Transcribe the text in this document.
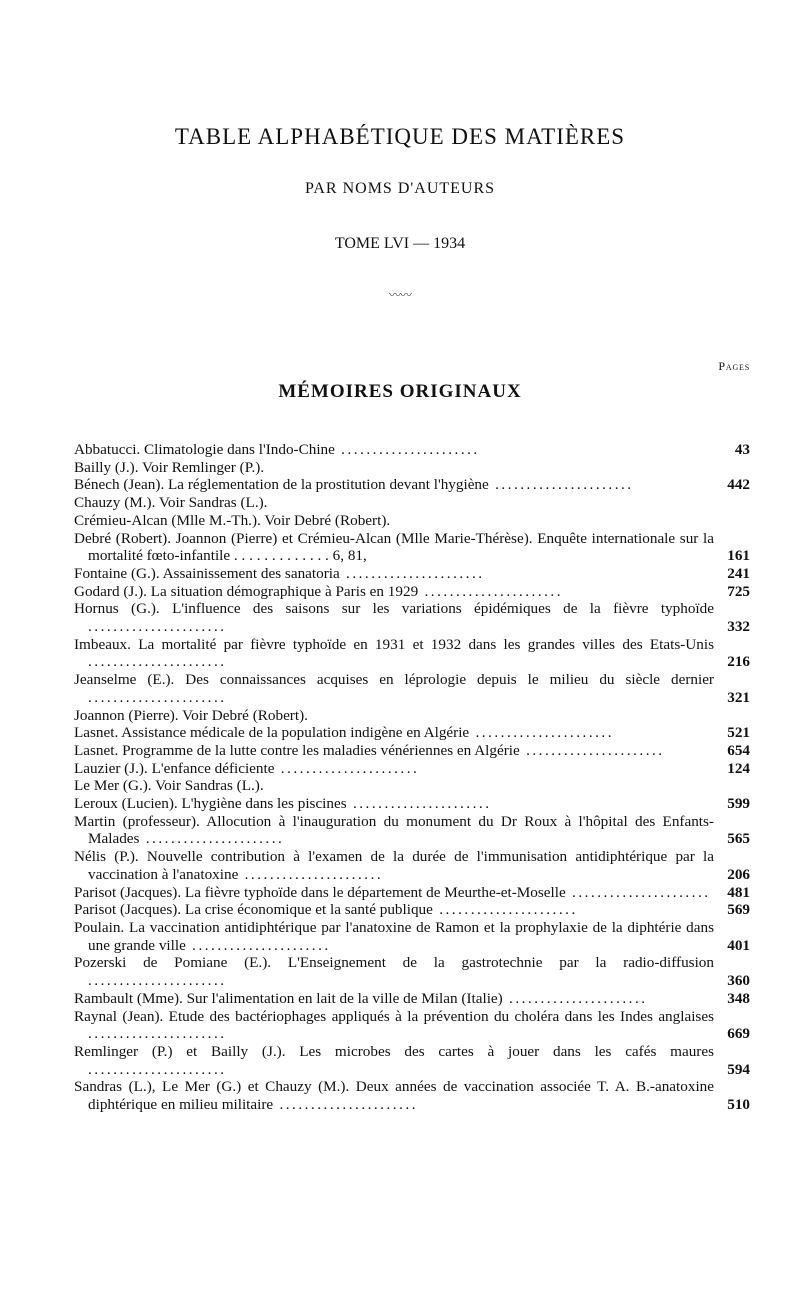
TABLE ALPHABÉTIQUE DES MATIÈRES
PAR NOMS D'AUTEURS
TOME LVI — 1934
〰〰
Pages
MÉMOIRES ORIGINAUX
Abbatucci. Climatologie dans l'Indo-Chine ......................	43
Bailly (J.). Voir Remlinger (P.).
Bénech (Jean). La réglementation de la prostitution devant l'hygiène ......................	442
Chauzy (M.). Voir Sandras (L.).
Crémieu-Alcan (Mlle M.-Th.). Voir Debré (Robert).
Debré (Robert). Joannon (Pierre) et Crémieu-Alcan (Mlle Marie-Thérèse). Enquête internationale sur la mortalité fœto-infantile . . . . . . . . . . . . . 6, 81,	161
Fontaine (G.). Assainissement des sanatoria ......................	241
Godard (J.). La situation démographique à Paris en 1929 ......................	725
Hornus (G.). L'influence des saisons sur les variations épidémiques de la fièvre typhoïde ......................	332
Imbeaux. La mortalité par fièvre typhoïde en 1931 et 1932 dans les grandes villes des Etats-Unis ......................	216
Jeanselme (E.). Des connaissances acquises en léprologie depuis le milieu du siècle dernier ......................	321
Joannon (Pierre). Voir Debré (Robert).
Lasnet. Assistance médicale de la population indigène en Algérie ......................	521
Lasnet. Programme de la lutte contre les maladies vénériennes en Algérie ......................	654
Lauzier (J.). L'enfance déficiente ......................	124
Le Mer (G.). Voir Sandras (L.).
Leroux (Lucien). L'hygiène dans les piscines ......................	599
Martin (professeur). Allocution à l'inauguration du monument du Dr Roux à l'hôpital des Enfants-Malades ......................	565
Nélis (P.). Nouvelle contribution à l'examen de la durée de l'immunisation antidiphtérique par la vaccination à l'anatoxine ......................	206
Parisot (Jacques). La fièvre typhoïde dans le département de Meurthe-et-Moselle ......................	481
Parisot (Jacques). La crise économique et la santé publique ......................	569
Poulain. La vaccination antidiphtérique par l'anatoxine de Ramon et la prophylaxie de la diphtérie dans une grande ville ......................	401
Pozerski de Pomiane (E.). L'Enseignement de la gastrotechnie par la radio-diffusion ......................	360
Rambault (Mme). Sur l'alimentation en lait de la ville de Milan (Italie) ......................	348
Raynal (Jean). Etude des bactériophages appliqués à la prévention du choléra dans les Indes anglaises ......................	669
Remlinger (P.) et Bailly (J.). Les microbes des cartes à jouer dans les cafés maures ......................	594
Sandras (L.), Le Mer (G.) et Chauzy (M.). Deux années de vaccination associée T. A. B.-anatoxine diphtérique en milieu militaire ......................	510
